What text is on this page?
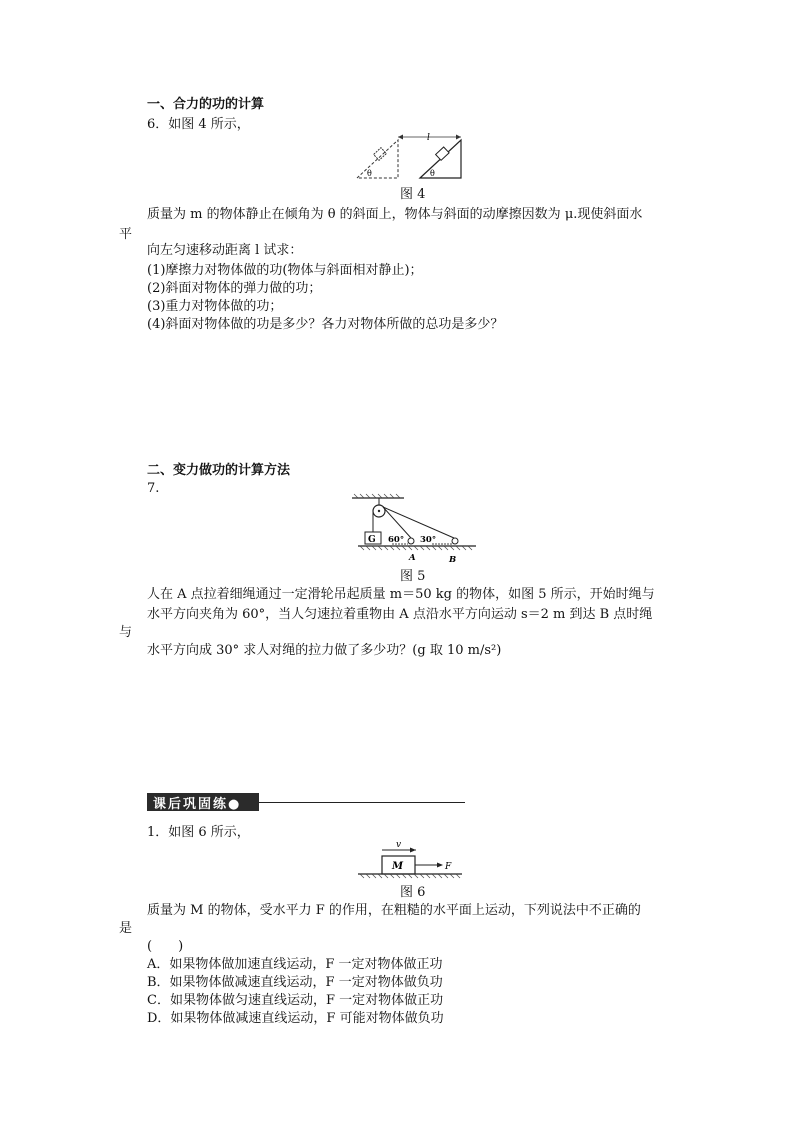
一、合力的功的计算
6．如图 4 所示，
θ
l
θ
图 4
质量为 m 的物体静止在倾角为 θ 的斜面上，物体与斜面的动摩擦因数为 μ.现使斜面水
平
向左匀速移动距离 l 试求：
(1)摩擦力对物体做的功(物体与斜面相对静止)；
(2)斜面对物体的弹力做的功；
(3)重力对物体做的功；
(4)斜面对物体做的功是多少？各力对物体所做的总功是多少？
二、变力做功的计算方法
7.
G 60° 30°
A	B
图 5
人在 A 点拉着细绳通过一定滑轮吊起质量 m＝50 kg 的物体，如图 5 所示，开始时绳与
水平方向夹角为 60°，当人匀速拉着重物由 A 点沿水平方向运动 s＝2 m 到达 B 点时绳
与
水平方向成 30° 求人对绳的拉力做了多少功？(g 取 10 m/s²)
课后巩固练●
1．如图 6 所示，
v
M	F
图 6
质量为 M 的物体，受水平力 F 的作用，在粗糙的水平面上运动，下列说法中不正确的
是
(　　)
A．如果物体做加速直线运动，F 一定对物体做正功
B．如果物体做减速直线运动，F 一定对物体做负功
C．如果物体做匀速直线运动，F 一定对物体做正功
D．如果物体做减速直线运动，F 可能对物体做负功
